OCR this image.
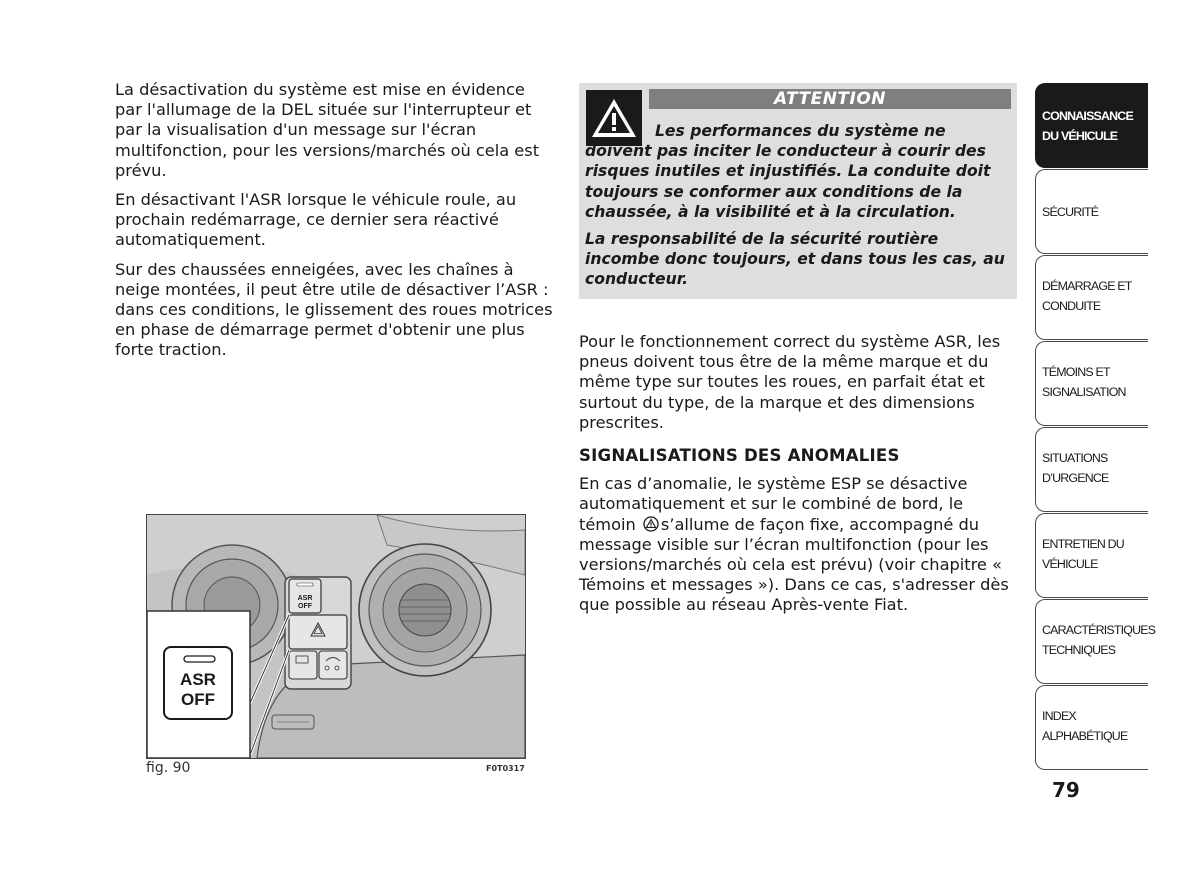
La désactivation du système est mise en évidence par l'allumage de la DEL située sur l'interrupteur et par la visualisation d'un message sur l'écran multifonction, pour les versions/marchés où cela est prévu.

En désactivant l'ASR lorsque le véhicule roule, au prochain redémarrage, ce dernier sera réactivé automatiquement.

Sur des chaussées enneigées, avec les chaînes à neige montées, il peut être utile de désactiver l’ASR : dans ces conditions, le glissement des roues motrices en phase de démarrage permet d'obtenir une plus forte traction.

ATTENTION

Les performances du système ne doivent pas inciter le conducteur à courir des risques inutiles et injustifiés. La conduite doit toujours se conformer aux conditions de la chaussée, à la visibilité et à la circulation.

La responsabilité de la sécurité routière incombe donc toujours, et dans tous les cas, au conducteur.

Pour le fonctionnement correct du système ASR, les pneus doivent tous être de la même marque et du même type sur toutes les roues, en parfait état et surtout du type, de la marque et des dimensions prescrites.

SIGNALISATIONS DES ANOMALIES

En cas d’anomalie, le système ESP se désactive automatiquement et sur le combiné de bord, le témoin s’allume de façon fixe, accompagné du message visible sur l’écran multifonction (pour les versions/marchés où cela est prévu) (voir chapitre « Témoins et messages »). Dans ce cas, s'adresser dès que possible au réseau Après-vente Fiat.

ASR
OFF
ASR
OFF
fig. 90	F0T0317
CONNAISSANCE
DU VÉHICULE
SÉCURITÉ
DÉMARRAGE ET
CONDUITE
TÉMOINS ET
SIGNALISATION
SITUATIONS
D’URGENCE
ENTRETIEN DU
VÉHICULE
CARACTÉRISTIQUES
TECHNIQUES
INDEX
ALPHABÉTIQUE
79
